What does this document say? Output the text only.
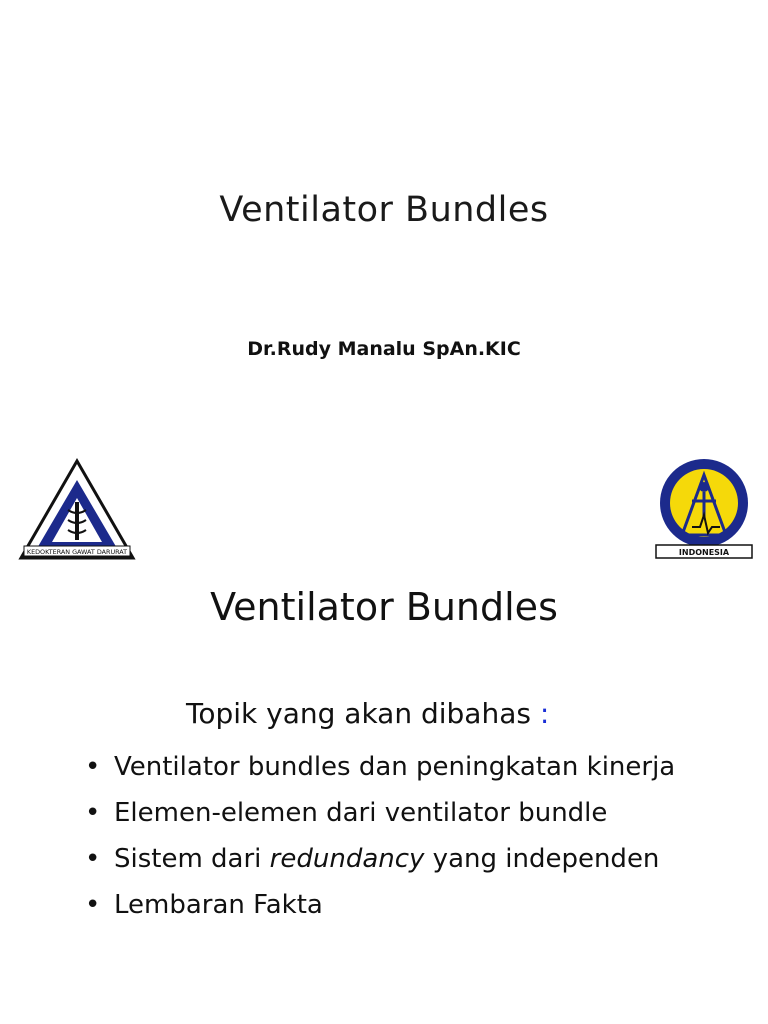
Ventilator Bundles
Dr.Rudy Manalu SpAn.KIC
KEDOKTERAN GAWAT DARURAT	INDONESIA
Ventilator Bundles
Topik yang akan dibahas :
• Ventilator bundles dan peningkatan kinerja
• Elemen-elemen dari ventilator bundle
• Sistem dari redundancy yang independen
• Lembaran Fakta
